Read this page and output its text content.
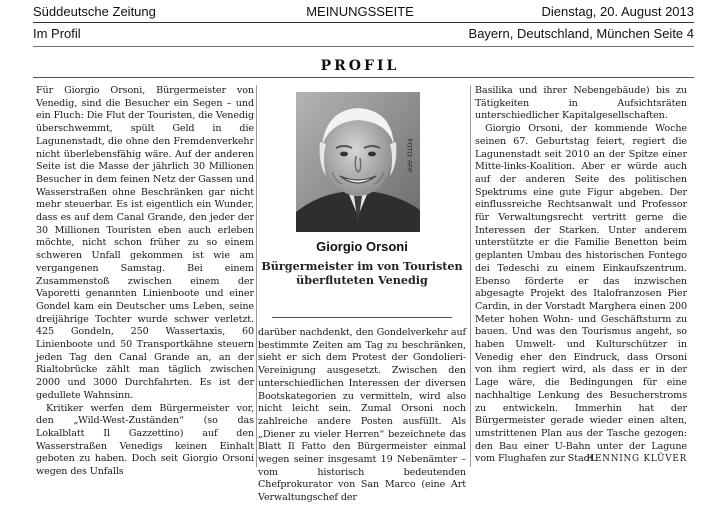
Süddeutsche Zeitung	MEINUNGSSEITE	Dienstag, 20. August 2013
Im Profil	Bayern, Deutschland, München Seite 4
PROFIL

Für Giorgio Orsoni, Bürgermeister von Venedig, sind die Besucher ein Segen – und ein Fluch: Die Flut der Touristen, die Venedig überschwemmt, spült Geld in die Lagunenstadt, die ohne den Fremdenverkehr nicht überlebensfähig wäre. Auf der anderen Seite ist die Masse der jährlich 30 Millionen Besucher in dem feinen Netz der Gassen und Wasserstraßen ohne Beschränken gar nicht mehr steuerbar. Es ist eigentlich ein Wunder, dass es auf dem Canal Grande, den jeder der 30 Millionen Touristen eben auch erleben möchte, nicht schon früher zu so einem schweren Unfall gekommen ist wie am vergangenen Samstag. Bei einem Zusammenstoß zwischen einem der Vaporetti genannten Linienboote und einer Gondel kam ein Deutscher ums Leben, seine dreijährige Tochter wurde schwer verletzt. 425 Gondeln, 250 Wassertaxis, 60 Linienboote und 50 Transportkähne steuern jeden Tag den Canal Grande an, an der Rialtobrücke zählt man täglich zwischen 2000 und 3000 Durchfahrten. Es ist der gedullete Wahnsinn.

Kritiker werfen dem Bürgermeister vor, den „Wild-West-Zuständen“ (so das Lokalblatt Il Gazzettino) auf den Wasserstraßen Venedigs keinen Einhalt geboten zu haben. Doch seit Giorgio Orsoni wegen des Unfalls

FOTO: AFP
Giorgio Orsoni
Bürgermeister im von Touristen überfluteten Venedig

darüber nachdenkt, den Gondelverkehr auf bestimmte Zeiten am Tag zu beschränken, sieht er sich dem Protest der Gondolieri-Vereinigung ausgesetzt. Zwischen den unterschiedlichen Interessen der diversen Bootskategorien zu vermitteln, wird also nicht leicht sein. Zumal Orsoni noch zahlreiche andere Posten ausfüllt. Als „Diener zu vieler Herren“ bezeichnete das Blatt Il Fatto den Bürgermeister einmal wegen seiner insgesamt 19 Nebenämter – vom historisch bedeutenden Chefprokurator von San Marco (eine Art Verwaltungschef der

Basilika und ihrer Nebengebäude) bis zu Tätigkeiten in Aufsichtsräten unterschiedlicher Kapitalgesellschaften.

Giorgio Orsoni, der kommende Woche seinen 67. Geburtstag feiert, regiert die Lagunenstadt seit 2010 an der Spitze einer Mitte-links-Koalition. Aber er würde auch auf der anderen Seite des politischen Spektrums eine gute Figur abgeben. Der einflussreiche Rechtsanwalt und Professor für Verwaltungsrecht vertritt gerne die Interessen der Starken. Unter anderem unterstützte er die Familie Benetton beim geplanten Umbau des historischen Fontego dei Tedeschi zu einem Einkaufszentrum. Ebenso förderte er das inzwischen abgesagte Projekt des Italofranzosen Pier Cardin, in der Vorstadt Marghera einen 200 Meter hohen Wohn- und Geschäftsturm zu bauen. Und was den Tourismus angeht, so haben Umwelt- und Kulturschützer in Venedig eher den Eindruck, dass Orsoni von ihm regiert wird, als dass er in der Lage wäre, die Bedingungen für eine nachhaltige Lenkung des Besucherstroms zu entwickeln. Immerhin hat der Bürgermeister gerade wieder einen alten, umstrittenen Plan aus der Tasche gezogen: den Bau einer U-Bahn unter der Lagune vom Flughafen zur Stadt.

HENNING KLÜVER
